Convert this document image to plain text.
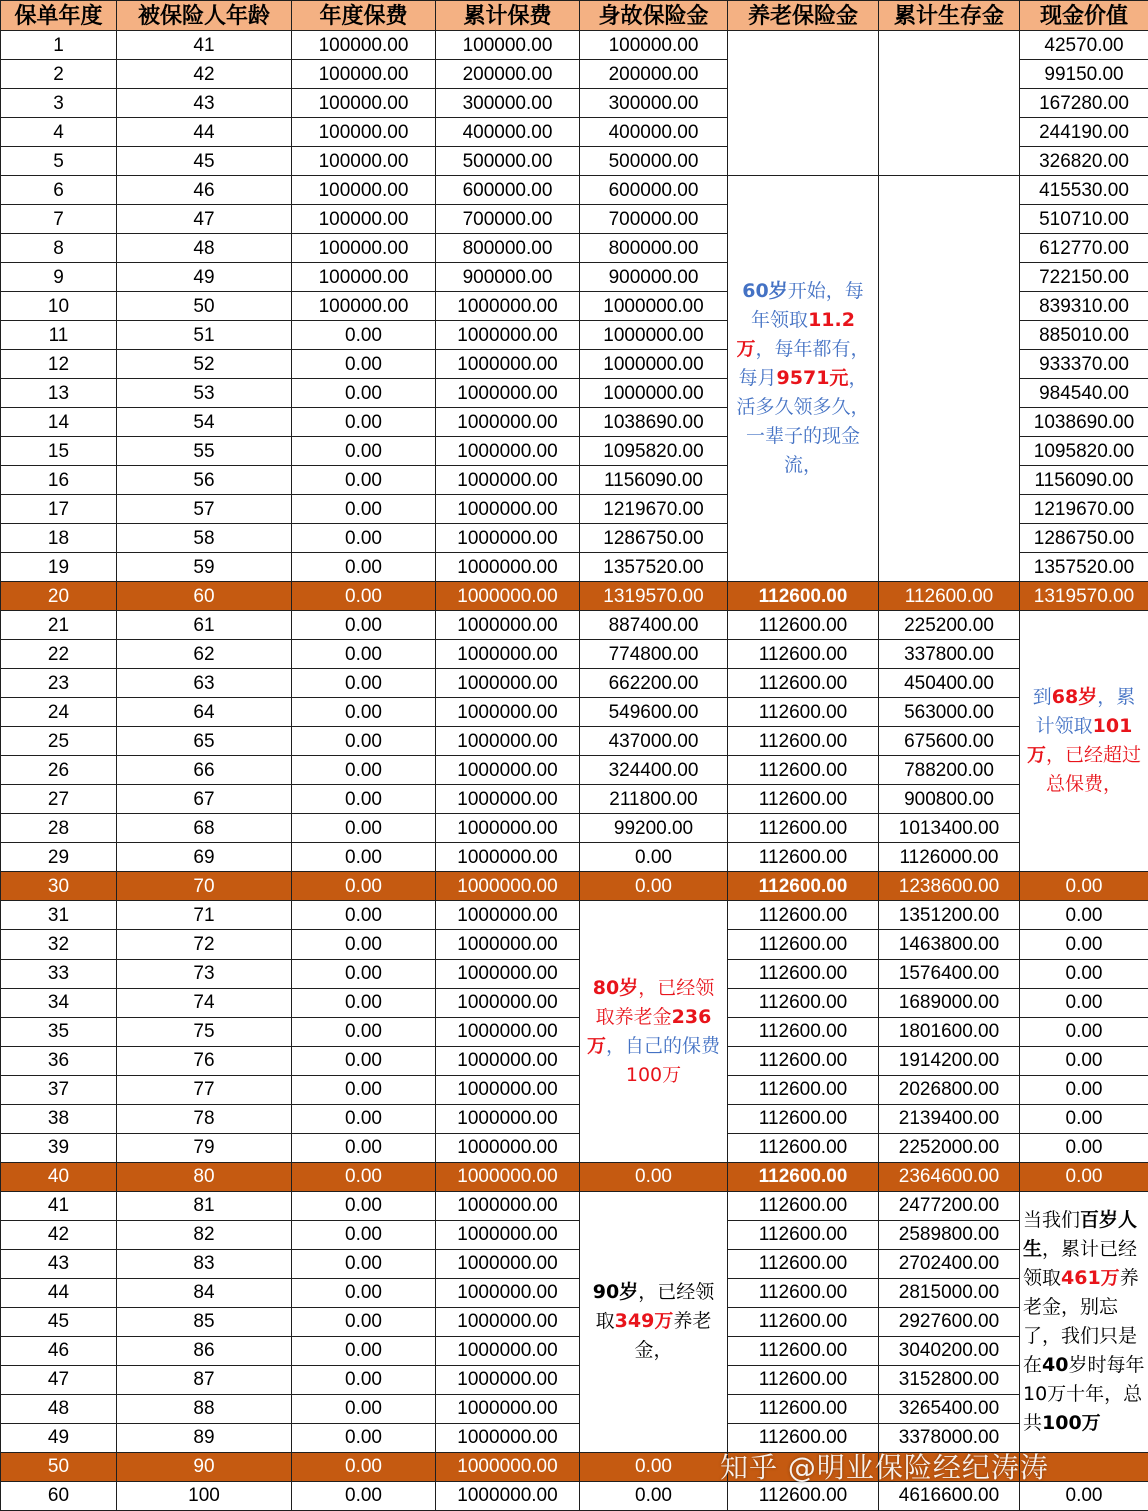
保单年度	被保险人年龄	年度保费	累计保费	身故保险金	养老保险金	累计生存金	现金价值
1	41	100000.00	100000.00	100000.00			42570.00
2	42	100000.00	200000.00	200000.00			99150.00
3	43	100000.00	300000.00	300000.00			167280.00
4	44	100000.00	400000.00	400000.00			244190.00
5	45	100000.00	500000.00	500000.00			326820.00
6	46	100000.00	600000.00	600000.00	60岁开始，每年领取11.2万，每年都有，每月9571元，活多久领多久，一辈子的现金流，		415530.00
7	47	100000.00	700000.00	700000.00			510710.00
8	48	100000.00	800000.00	800000.00			612770.00
9	49	100000.00	900000.00	900000.00			722150.00
10	50	100000.00	1000000.00	1000000.00			839310.00
11	51	0.00	1000000.00	1000000.00			885010.00
12	52	0.00	1000000.00	1000000.00			933370.00
13	53	0.00	1000000.00	1000000.00			984540.00
14	54	0.00	1000000.00	1038690.00			1038690.00
15	55	0.00	1000000.00	1095820.00			1095820.00
16	56	0.00	1000000.00	1156090.00			1156090.00
17	57	0.00	1000000.00	1219670.00			1219670.00
18	58	0.00	1000000.00	1286750.00			1286750.00
19	59	0.00	1000000.00	1357520.00			1357520.00
20	60	0.00	1000000.00	1319570.00	112600.00	112600.00	1319570.00
21	61	0.00	1000000.00	887400.00	112600.00	225200.00	到68岁，累计领取101万，已经超过总保费，
22	62	0.00	1000000.00	774800.00	112600.00	337800.00	
23	63	0.00	1000000.00	662200.00	112600.00	450400.00	
24	64	0.00	1000000.00	549600.00	112600.00	563000.00	
25	65	0.00	1000000.00	437000.00	112600.00	675600.00	
26	66	0.00	1000000.00	324400.00	112600.00	788200.00	
27	67	0.00	1000000.00	211800.00	112600.00	900800.00	
28	68	0.00	1000000.00	99200.00	112600.00	1013400.00	
29	69	0.00	1000000.00	0.00	112600.00	1126000.00	
30	70	0.00	1000000.00	0.00	112600.00	1238600.00	0.00
31	71	0.00	1000000.00	80岁，已经领取养老金236万，自己的保费100万	112600.00	1351200.00	0.00
32	72	0.00	1000000.00		112600.00	1463800.00	0.00
33	73	0.00	1000000.00		112600.00	1576400.00	0.00
34	74	0.00	1000000.00		112600.00	1689000.00	0.00
35	75	0.00	1000000.00		112600.00	1801600.00	0.00
36	76	0.00	1000000.00		112600.00	1914200.00	0.00
37	77	0.00	1000000.00		112600.00	2026800.00	0.00
38	78	0.00	1000000.00		112600.00	2139400.00	0.00
39	79	0.00	1000000.00		112600.00	2252000.00	0.00
40	80	0.00	1000000.00	0.00	112600.00	2364600.00	0.00
41	81	0.00	1000000.00	90岁，已经领取349万养老金，	112600.00	2477200.00	当我们百岁人生，累计已经领取461万养老金，别忘了，我们只是在40岁时每年10万十年，总共100万
42	82	0.00	1000000.00		112600.00	2589800.00	
43	83	0.00	1000000.00		112600.00	2702400.00	
44	84	0.00	1000000.00		112600.00	2815000.00	
45	85	0.00	1000000.00		112600.00	2927600.00	
46	86	0.00	1000000.00		112600.00	3040200.00	
47	87	0.00	1000000.00		112600.00	3152800.00	
48	88	0.00	1000000.00		112600.00	3265400.00	
49	89	0.00	1000000.00		112600.00	3378000.00	
50	90	0.00	1000000.00	0.00			
60	100	0.00	1000000.00	0.00	112600.00	4616600.00	0.00
知乎 @明业保险经纪涛涛
